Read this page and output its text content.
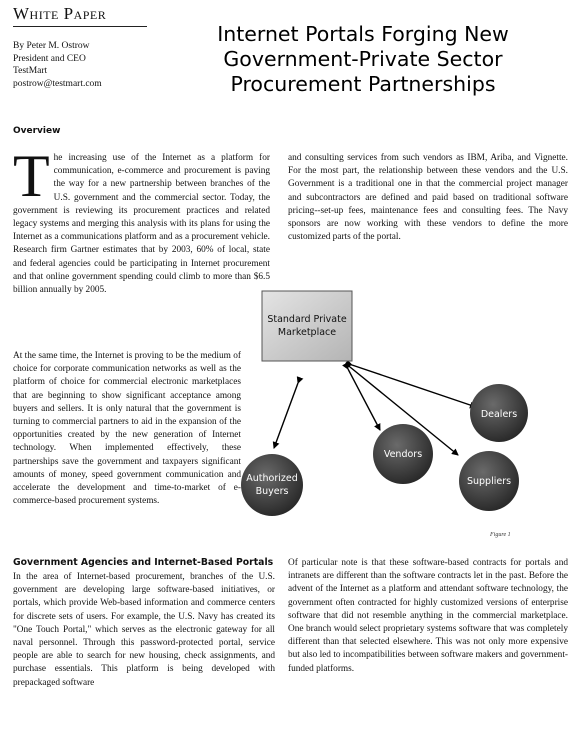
White Paper
By Peter M. Ostrow
President and CEO
TestMart
postrow@testmart.com
Internet Portals Forging New
Government-Private Sector
Procurement Partnerships
Overview
The increasing use of the Internet as a platform for communication, e-commerce and procurement is paving the way for a new partnership between branches of the U.S. government and the commercial sector. Today, the government is reviewing its procurement practices and related legacy systems and merging this analysis with its plans for using the Internet as a communications platform and as a procurement vehicle. Research firm Gartner estimates that by 2003, 60% of local, state and federal agencies could be participating in Internet procurement and that online government spending could climb to more than $6.5 billion annually by 2005.
At the same time, the Internet is proving to be the medium of choice for corporate communication networks as well as the platform of choice for commercial electronic marketplaces that are beginning to show significant acceptance among buyers and sellers. It is only natural that the government is turning to commercial partners to aid in the expansion of the opportunities created by the new generation of Internet technology. When implemented effectively, these partnerships save the government and taxpayers significant amounts of money, speed government communication and accelerate the development and time-to-market of e-commerce-based procurement systems.
and consulting services from such vendors as IBM, Ariba, and Vignette. For the most part, the relationship between these vendors and the U.S. Government is a traditional one in that the commercial project manager and subcontractors are defined and paid based on traditional software pricing--set-up fees, maintenance fees and consulting fees. The Navy sponsors are now working with these vendors to define the more customized parts of the portal.
Standard Private
Marketplace
Dealers
Vendors
Suppliers
Authorized
Buyers
Figure 1
Government Agencies and Internet-Based Portals
In the area of Internet-based procurement, branches of the U.S. government are developing large software-based initiatives, or portals, which provide Web-based information and commerce centers for discrete sets of users. For example, the U.S. Navy has created its "One Touch Portal," which serves as the electronic gateway for all naval personnel. Through this password-protected portal, service people are able to search for new housing, check assignments, and purchase essentials. This platform is being developed with prepackaged software
Of particular note is that these software-based contracts for portals and intranets are different than the software contracts let in the past. Before the advent of the Internet as a platform and attendant software technology, the government often contracted for highly customized versions of enterprise software that did not resemble anything in the commercial marketplace. One branch would select proprietary systems software that was completely different than that selected elsewhere. This was not only more expensive but also led to incompatibilities between software makers and government-funded platforms.
